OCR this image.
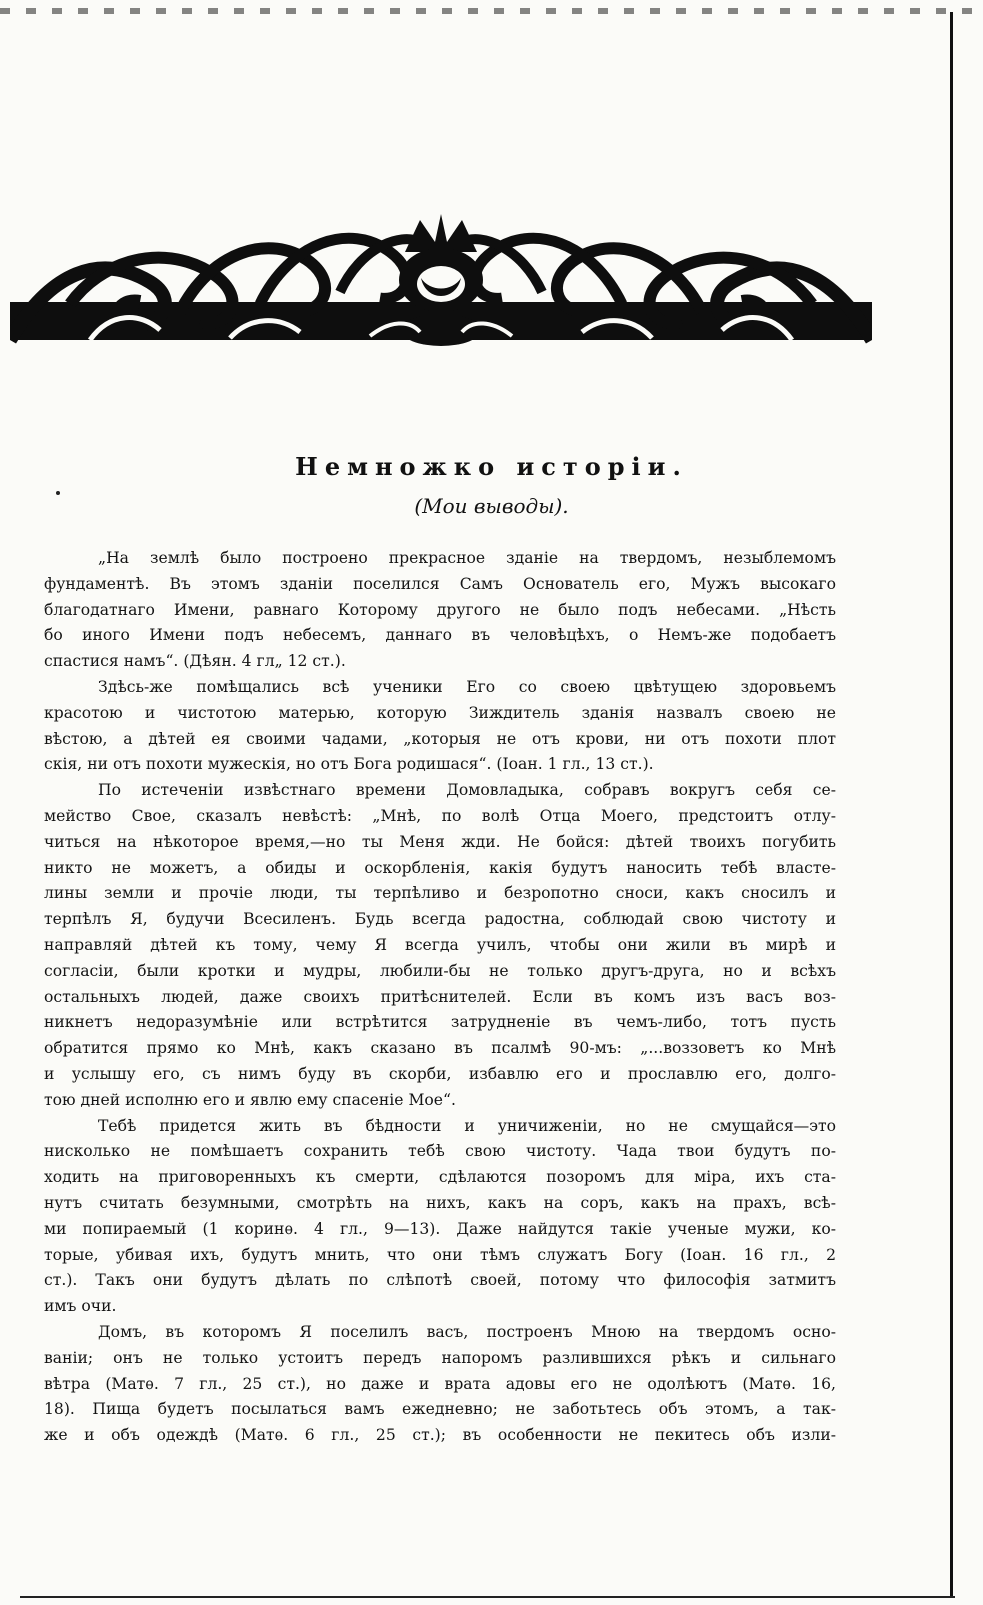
Немножко исторіи.
(Мои выводы).
„На землѣ было построено прекрасное зданіе на твердомъ, незыблемомъ
фундаментѣ. Въ этомъ зданіи поселился Самъ Основатель его, Мужъ высокаго
благодатнаго Имени, равнаго Которому другого не было подъ небесами. „Нѣсть
бо иного Имени подъ небесемъ, даннаго въ человѣцѣхъ, о Немъ-же подобаетъ
спастися намъ“. (Дѣян. 4 гл„ 12 ст.).
Здѣсь-же помѣщались всѣ ученики Его со своею цвѣтущею здоровьемъ
красотою и чистотою матерью, которую Зиждитель зданія назвалъ своею не
вѣстою, а дѣтей ея своими чадами, „которыя не отъ крови, ни отъ похоти плот
скія, ни отъ похоти мужескія, но отъ Бога родишася“. (Іоан. 1 гл., 13 ст.).
По истеченіи извѣстнаго времени Домовладыка, собравъ вокругъ себя се-
мейство Свое, сказалъ невѣстѣ: „Мнѣ, по волѣ Отца Моего, предстоитъ отлу-
читься на нѣкоторое время,—но ты Меня жди. Не бойся: дѣтей твоихъ погубить
никто не можетъ, а обиды и оскорбленія, какія будутъ наносить тебѣ власте-
лины земли и прочіе люди, ты терпѣливо и безропотно сноси, какъ сносилъ и
терпѣлъ Я, будучи Всесиленъ. Будь всегда радостна, соблюдай свою чистоту и
направляй дѣтей къ тому, чему Я всегда училъ, чтобы они жили въ мирѣ и
согласіи, были кротки и мудры, любили-бы не только другъ-друга, но и всѣхъ
остальныхъ людей, даже своихъ притѣснителей. Если въ комъ изъ васъ воз-
никнетъ недоразумѣніе или встрѣтится затрудненіе въ чемъ-либо, тотъ пусть
обратится прямо ко Мнѣ, какъ сказано въ псалмѣ 90-мъ: „...воззоветъ ко Мнѣ
и услышу его, съ нимъ буду въ скорби, избавлю его и прославлю его, долго-
тою дней исполню его и явлю ему спасеніе Мое“.
Тебѣ придется жить въ бѣдности и уничиженіи, но не смущайся—это
нисколько не помѣшаетъ сохранить тебѣ свою чистоту. Чада твои будутъ по-
ходить на приговоренныхъ къ смерти, сдѣлаются позоромъ для міра, ихъ ста-
нутъ считать безумными, смотрѣть на нихъ, какъ на соръ, какъ на прахъ, всѣ-
ми попираемый (1 коринѳ. 4 гл., 9—13). Даже найдутся такіе ученые мужи, ко-
торые, убивая ихъ, будутъ мнить, что они тѣмъ служатъ Богу (Іоан. 16 гл., 2
ст.). Такъ они будутъ дѣлать по слѣпотѣ своей, потому что философія затмитъ
имъ очи.
Домъ, въ которомъ Я поселилъ васъ, построенъ Мною на твердомъ осно-
ваніи; онъ не только устоитъ передъ напоромъ разлившихся рѣкъ и сильнаго
вѣтра (Матѳ. 7 гл., 25 ст.), но даже и врата адовы его не одолѣютъ (Матѳ. 16,
18). Пища будетъ посылаться вамъ ежедневно; не заботьтесь объ этомъ, а так-
же и объ одеждѣ (Матѳ. 6 гл., 25 ст.); въ особенности не пекитесь объ изли-
